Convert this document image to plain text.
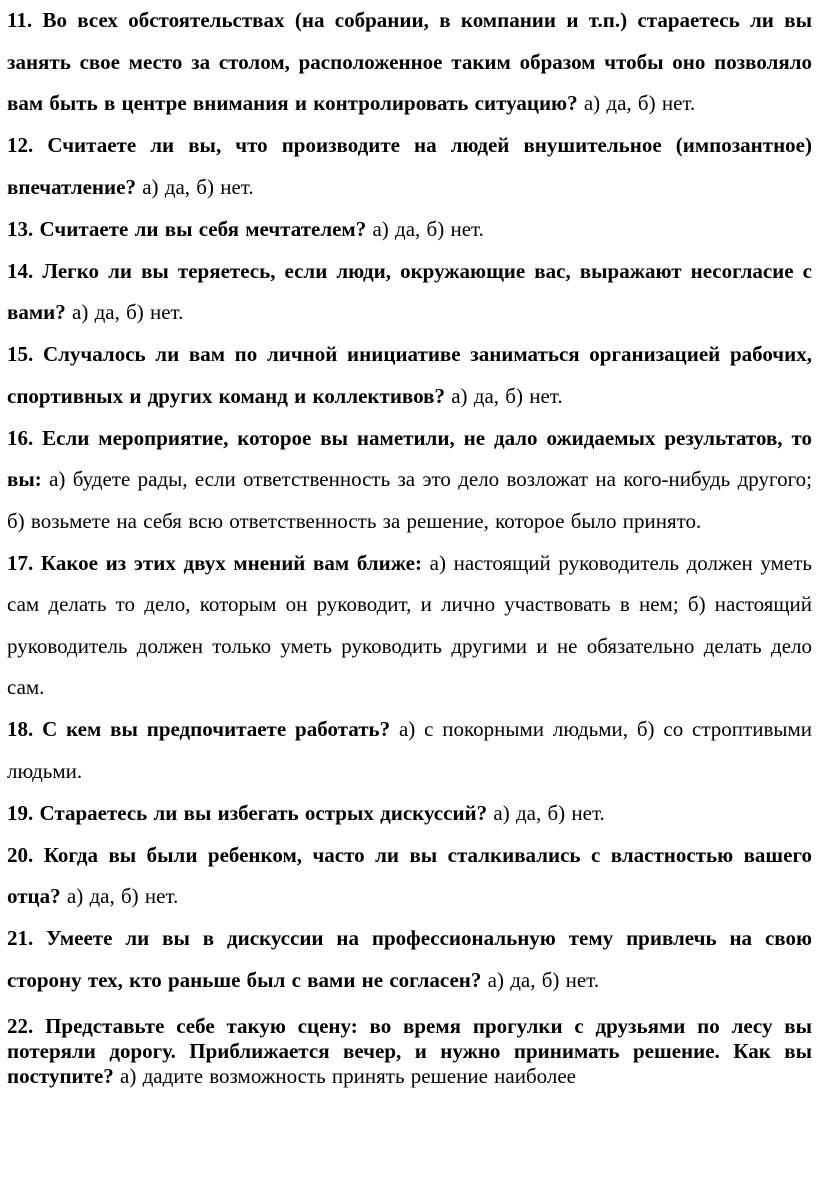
11. Во всех обстоятельствах (на собрании, в компании и т.п.) стараетесь ли вы занять свое место за столом, расположенное таким образом чтобы оно позволяло вам быть в центре внимания и контролировать ситуацию? а) да, б) нет.

12. Считаете ли вы, что производите на людей внушительное (импозантное) впечатление? а) да, б) нет.

13. Считаете ли вы себя мечтателем? а) да, б) нет.

14. Легко ли вы теряетесь, если люди, окружающие вас, выражают несогласие с вами? а) да, б) нет.

15. Случалось ли вам по личной инициативе заниматься организацией рабочих, спортивных и других команд и коллективов? а) да, б) нет.

16. Если мероприятие, которое вы наметили, не дало ожидаемых результатов, то вы: а) будете рады, если ответственность за это дело возложат на кого-нибудь другого; б) возьмете на себя всю ответственность за решение, которое было принято.

17. Какое из этих двух мнений вам ближе: а) настоящий руководитель должен уметь сам делать то дело, которым он руководит, и лично участвовать в нем; б) настоящий руководитель должен только уметь руководить другими и не обязательно делать дело сам.

18. С кем вы предпочитаете работать? а) с покорными людьми, б) со строптивыми людьми.

19. Стараетесь ли вы избегать острых дискуссий? а) да, б) нет.

20. Когда вы были ребенком, часто ли вы сталкивались с властностью вашего отца? а) да, б) нет.

21. Умеете ли вы в дискуссии на профессиональную тему привлечь на свою сторону тех, кто раньше был с вами не согласен? а) да, б) нет.

22. Представьте себе такую сцену: во время прогулки с друзьями по лесу вы потеряли дорогу. Приближается вечер, и нужно принимать решение. Как вы поступите? а) дадите возможность принять решение наиболее
